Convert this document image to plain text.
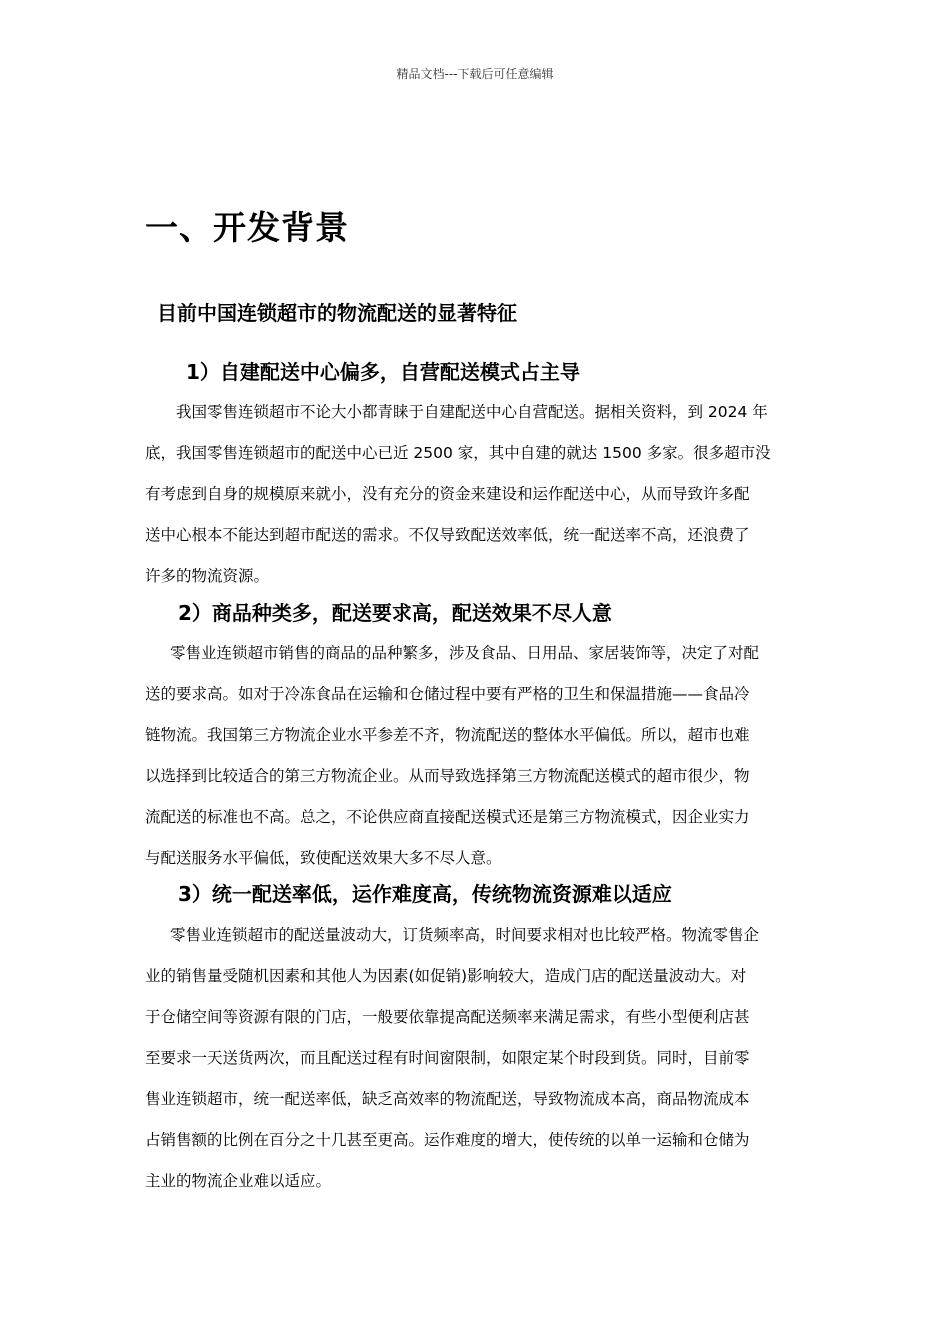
精品文档---下载后可任意编辑
一、开发背景
目前中国连锁超市的物流配送的显著特征
1）自建配送中心偏多，自营配送模式占主导
我国零售连锁超市不论大小都青睐于自建配送中心自营配送。据相关资料，到 2024 年
底，我国零售连锁超市的配送中心已近 2500 家，其中自建的就达 1500 多家。很多超市没
有考虑到自身的规模原来就小，没有充分的资金来建设和运作配送中心，从而导致许多配
送中心根本不能达到超市配送的需求。不仅导致配送效率低，统一配送率不高，还浪费了
许多的物流资源。
2）商品种类多，配送要求高，配送效果不尽人意
零售业连锁超市销售的商品的品种繁多，涉及食品、日用品、家居装饰等，决定了对配
送的要求高。如对于冷冻食品在运输和仓储过程中要有严格的卫生和保温措施——食品冷
链物流。我国第三方物流企业水平参差不齐，物流配送的整体水平偏低。所以，超市也难
以选择到比较适合的第三方物流企业。从而导致选择第三方物流配送模式的超市很少，物
流配送的标准也不高。总之，不论供应商直接配送模式还是第三方物流模式，因企业实力
与配送服务水平偏低，致使配送效果大多不尽人意。
3）统一配送率低，运作难度高，传统物流资源难以适应
零售业连锁超市的配送量波动大，订货频率高，时间要求相对也比较严格。物流零售企
业的销售量受随机因素和其他人为因素(如促销)影响较大，造成门店的配送量波动大。对
于仓储空间等资源有限的门店，一般要依靠提高配送频率来满足需求，有些小型便利店甚
至要求一天送货两次，而且配送过程有时间窗限制，如限定某个时段到货。同时，目前零
售业连锁超市，统一配送率低，缺乏高效率的物流配送，导致物流成本高，商品物流成本
占销售额的比例在百分之十几甚至更高。运作难度的增大，使传统的以单一运输和仓储为
主业的物流企业难以适应。
